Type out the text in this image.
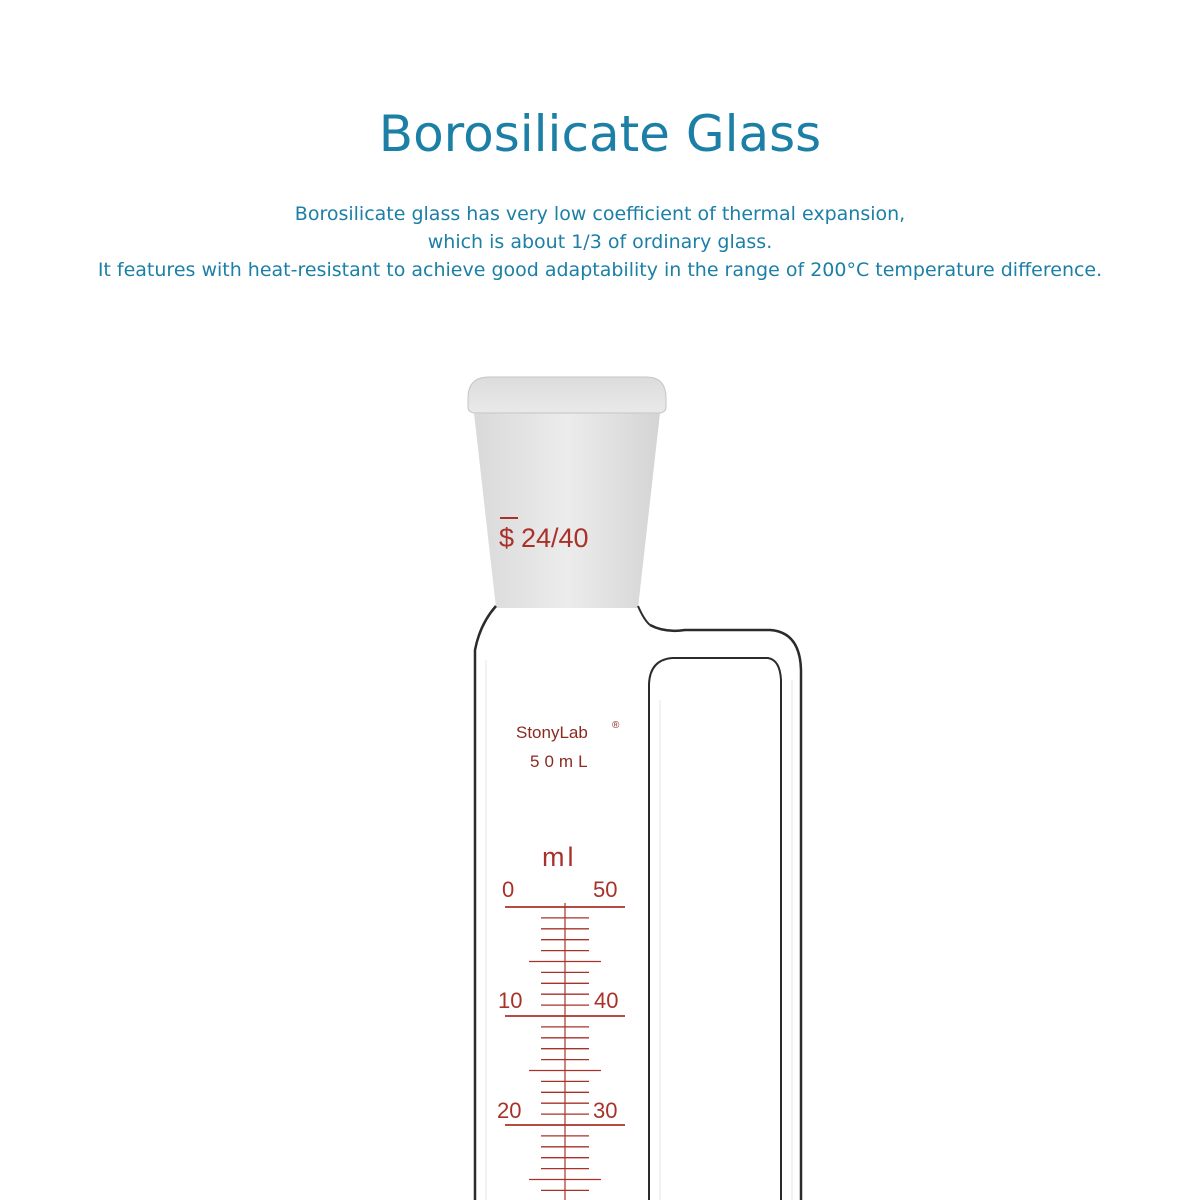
Borosilicate Glass
Borosilicate glass has very low coefficient of thermal expansion,
which is about 1/3 of ordinary glass.
It features with heat-resistant to achieve good adaptability in the range of 200°C temperature difference.
$ 24/40
StonyLab ®
50mL
ml
0	50
10	40
20	30
